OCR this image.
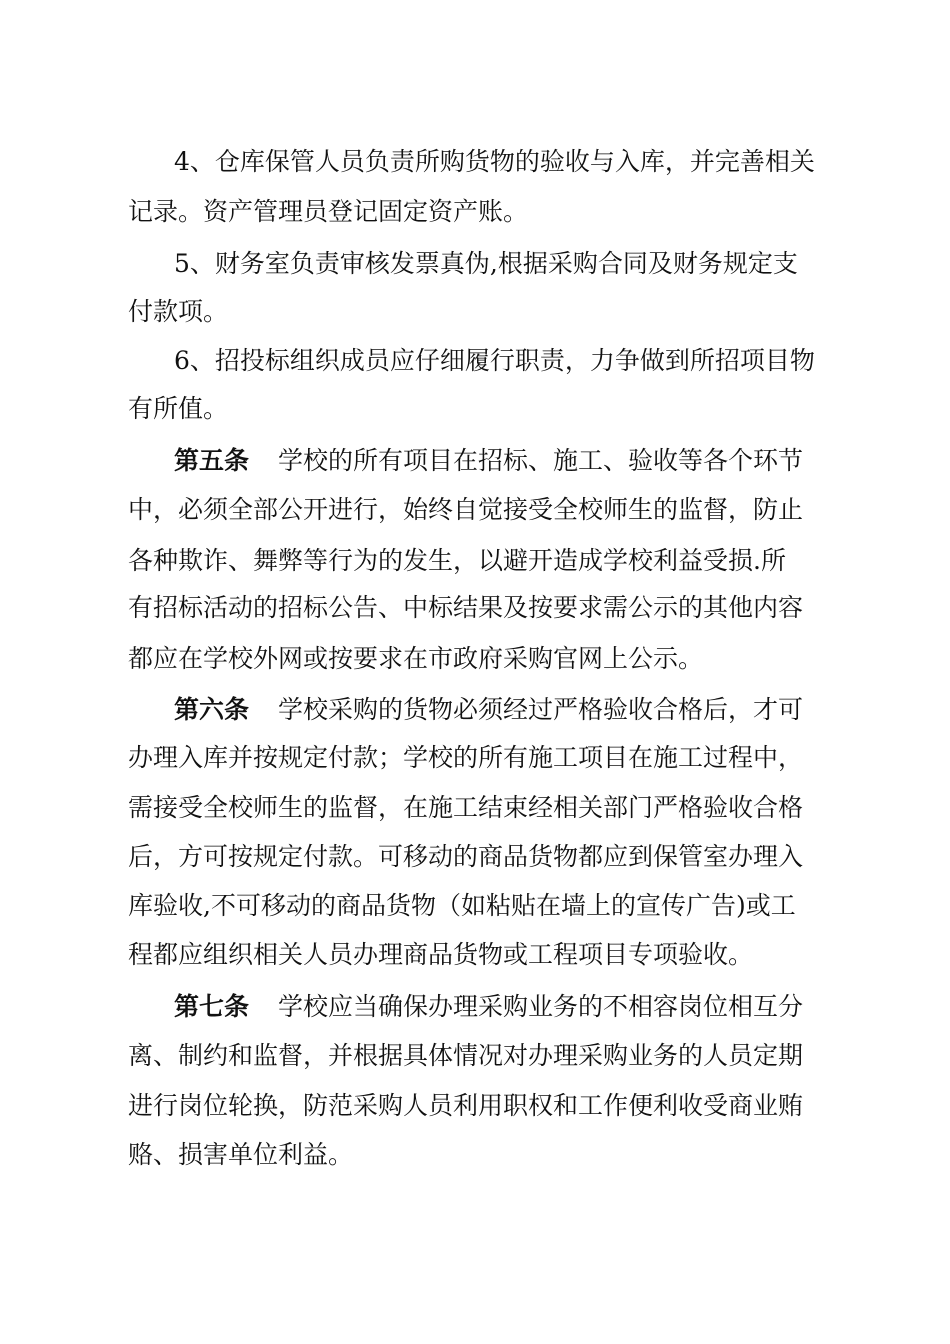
4、仓库保管人员负责所购货物的验收与入库，并完善相关
记录。资产管理员登记固定资产账。
5、财务室负责审核发票真伪,根据采购合同及财务规定支
付款项。
6、招投标组织成员应仔细履行职责，力争做到所招项目物
有所值。
第五条 学校的所有项目在招标、施工、验收等各个环节
中，必须全部公开进行，始终自觉接受全校师生的监督，防止
各种欺诈、舞弊等行为的发生，以避开造成学校利益受损.所
有招标活动的招标公告、中标结果及按要求需公示的其他内容
都应在学校外网或按要求在市政府采购官网上公示。
第六条 学校采购的货物必须经过严格验收合格后，才可
办理入库并按规定付款；学校的所有施工项目在施工过程中，
需接受全校师生的监督，在施工结束经相关部门严格验收合格
后，方可按规定付款。可移动的商品货物都应到保管室办理入
库验收,不可移动的商品货物（如粘贴在墙上的宣传广告)或工
程都应组织相关人员办理商品货物或工程项目专项验收。
第七条 学校应当确保办理采购业务的不相容岗位相互分
离、制约和监督，并根据具体情况对办理采购业务的人员定期
进行岗位轮换，防范采购人员利用职权和工作便利收受商业贿
赂、损害单位利益。
